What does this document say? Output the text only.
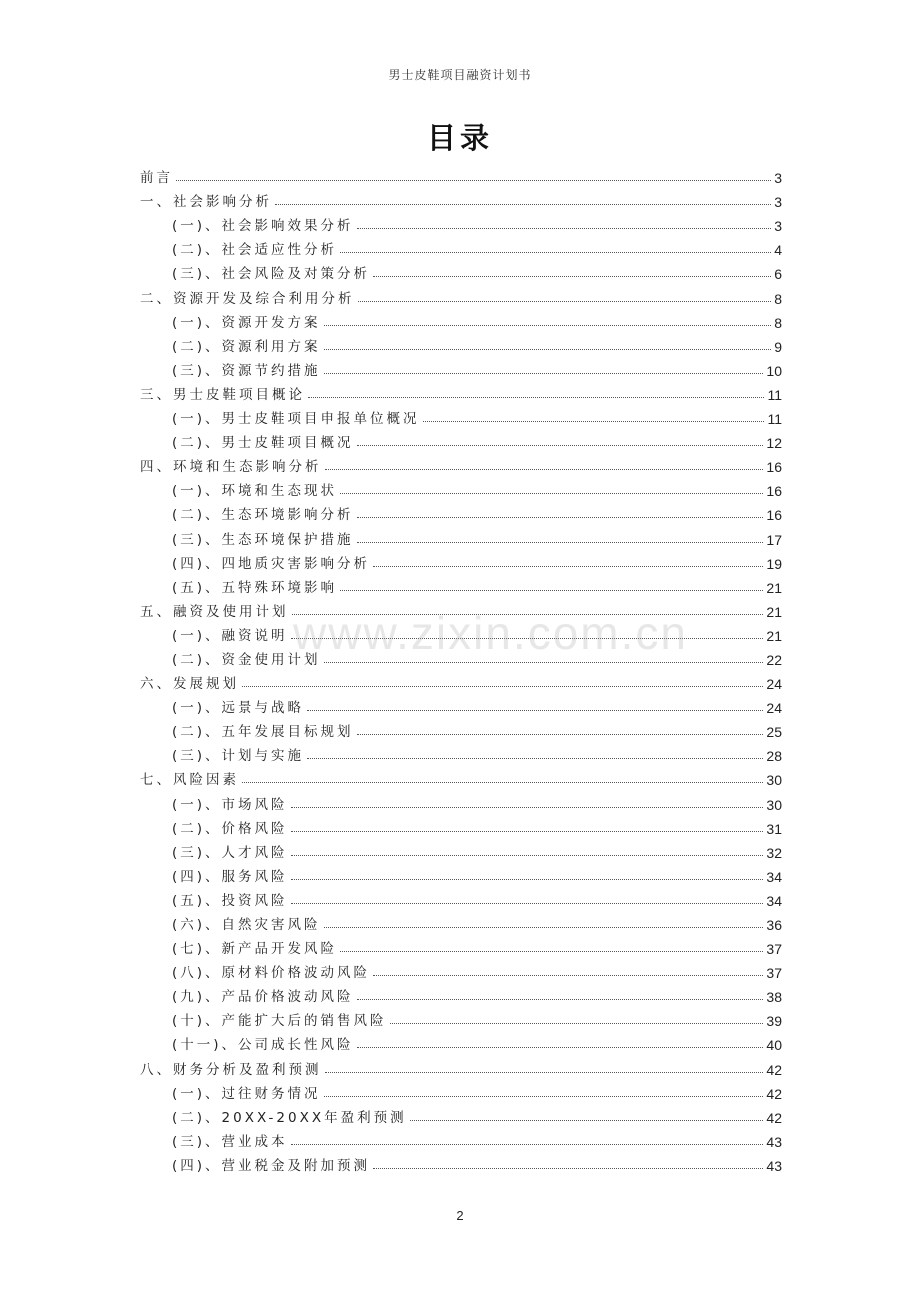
男士皮鞋项目融资计划书
目录
前言	3
一、社会影响分析	3
(一)、社会影响效果分析	3
(二)、社会适应性分析	4
(三)、社会风险及对策分析	6
二、资源开发及综合利用分析	8
(一)、资源开发方案	8
(二)、资源利用方案	9
(三)、资源节约措施	10
三、男士皮鞋项目概论	11
(一)、男士皮鞋项目申报单位概况	11
(二)、男士皮鞋项目概况	12
四、环境和生态影响分析	16
(一)、环境和生态现状	16
(二)、生态环境影响分析	16
(三)、生态环境保护措施	17
(四)、四地质灾害影响分析	19
(五)、五特殊环境影响	21
五、融资及使用计划	21
(一)、融资说明	21
(二)、资金使用计划	22
六、发展规划	24
(一)、远景与战略	24
(二)、五年发展目标规划	25
(三)、计划与实施	28
七、风险因素	30
(一)、市场风险	30
(二)、价格风险	31
(三)、人才风险	32
(四)、服务风险	34
(五)、投资风险	34
(六)、自然灾害风险	36
(七)、新产品开发风险	37
(八)、原材料价格波动风险	37
(九)、产品价格波动风险	38
(十)、产能扩大后的销售风险	39
(十一)、公司成长性风险	40
八、财务分析及盈利预测	42
(一)、过往财务情况	42
(二)、20XX-20XX年盈利预测	42
(三)、营业成本	43
(四)、营业税金及附加预测	43
www.zixin.com.cn
2
